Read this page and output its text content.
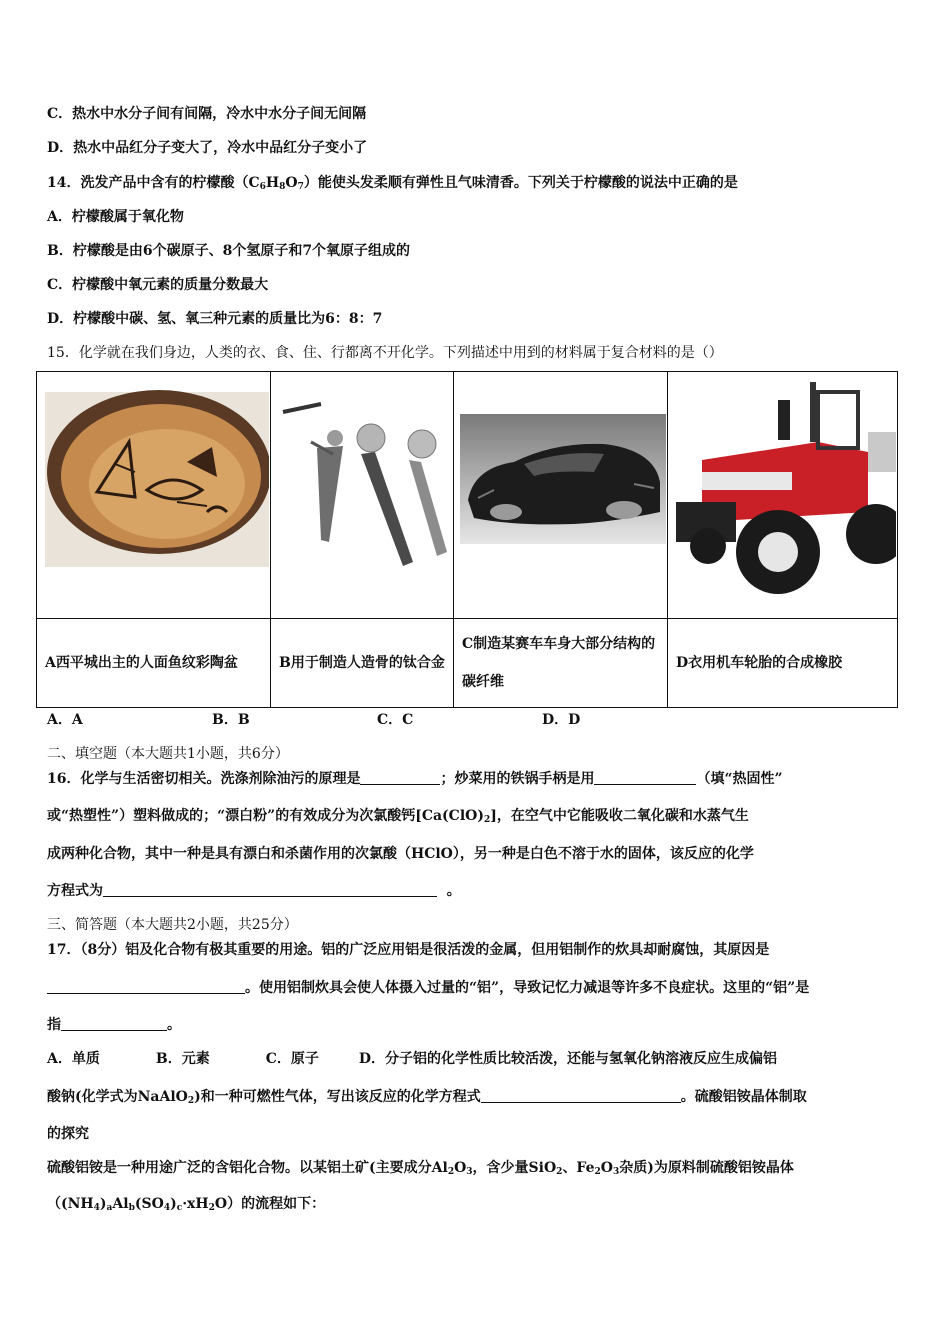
C．热水中水分子间有间隔，冷水中水分子间无间隔
D．热水中品红分子变大了，冷水中品红分子变小了
14．洗发产品中含有的柠檬酸$(C_6H_8O_7)$能使头发柔顺有弹性且气味清香。下列关于柠檬酸的说法中正确的是
A．柠檬酸属于氧化物
B．柠檬酸是由6个碳原子、8个氢原子和7个氧原子组成的
C．柠檬酸中氧元素的质量分数最大
D．柠檬酸中碳、氢、氧三种元素的质量比为6：8：7
15．化学就在我们身边，人类的衣、食、住、行都离不开化学。下列描述中用到的材料属于复合材料的是（）

A西平城出主的人面鱼纹彩陶盆	B用于制造人造骨的钛合金	C制造某赛车车身大部分结构的碳纤维	D衣用机车轮胎的合成橡胶
A．A	B．B	C．C	D．D
二、填空题（本大题共1小题，共6分）
16．化学与生活密切相关。洗涤剂除油污的原理是	；炒菜用的铁锅手柄是用	（填“热固性”
或“热塑性”）塑料做成的；“漂白粉”的有效成分为次氯酸钙$[Ca(ClO)_2]$，在空气中它能吸收二氧化碳和水蒸气生
成两种化合物，其中一种是具有漂白和杀菌作用的次氯酸（HClO），另一种是白色不溶于水的固体，该反应的化学
方程式为	。
三、简答题（本大题共2小题，共25分）
17．（8分）铝及化合物有极其重要的用途。铝的广泛应用铝是很活泼的金属，但用铝制作的炊具却耐腐蚀，其原因是
。使用铝制炊具会使人体摄入过量的“铝”，导致记忆力减退等许多不良症状。这里的“铝”是
指	。
A．单质	B．元素	C．原子	D．分子铝的化学性质比较活泼，还能与氢氧化钠溶液反应生成偏铝
酸钠(化学式为NaAlO$_2$)和一种可燃性气体，写出该反应的化学方程式	。硫酸铝铵晶体制取
的探究
硫酸铝铵是一种用途广泛的含铝化合物。以某铝土矿(主要成分$Al_2O_3$，含少量SiO$_2$、$Fe_2O_3$杂质)为原料制硫酸铝铵晶体
$((NH_4)_aAl_b(SO_4)_c\cdot xH_2O)$的流程如下：
